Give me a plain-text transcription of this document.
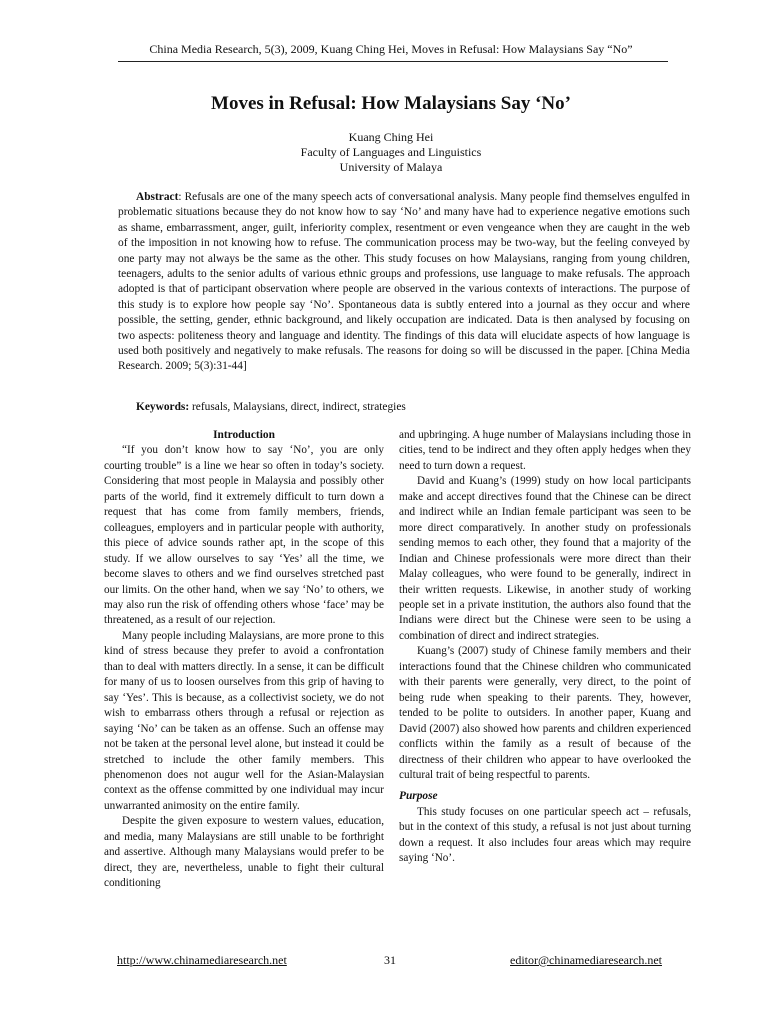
China Media Research, 5(3), 2009, Kuang Ching Hei, Moves in Refusal: How Malaysians Say “No”
Moves in Refusal: How Malaysians Say ‘No’
Kuang Ching Hei
Faculty of Languages and Linguistics
University of Malaya

Abstract: Refusals are one of the many speech acts of conversational analysis. Many people find themselves engulfed in problematic situations because they do not know how to say ‘No’ and many have had to experience negative emotions such as shame, embarrassment, anger, guilt, inferiority complex, resentment or even vengeance when they are caught in the web of the imposition in not knowing how to refuse. The communication process may be two-way, but the feeling conveyed by one party may not always be the same as the other. This study focuses on how Malaysians, ranging from young children, teenagers, adults to the senior adults of various ethnic groups and professions, use language to make refusals. The approach adopted is that of participant observation where people are observed in the various contexts of interactions. The purpose of this study is to explore how people say ‘No’. Spontaneous data is subtly entered into a journal as they occur and where possible, the setting, gender, ethnic background, and likely occupation are indicated. Data is then analysed by focusing on two aspects: politeness theory and language and identity. The findings of this data will elucidate aspects of how language is used both positively and negatively to make refusals. The reasons for doing so will be discussed in the paper. [China Media Research. 2009; 5(3):31-44]

Keywords: refusals, Malaysians, direct, indirect, strategies

Introduction

“If you don’t know how to say ‘No’, you are only courting trouble” is a line we hear so often in today’s society. Considering that most people in Malaysia and possibly other parts of the world, find it extremely difficult to turn down a request that has come from family members, friends, colleagues, employers and in particular people with authority, this piece of advice sounds rather apt, in the scope of this study. If we allow ourselves to say ‘Yes’ all the time, we become slaves to others and we find ourselves stretched past our limits. On the other hand, when we say ‘No’ to others, we may also run the risk of offending others whose ‘face’ may be threatened, as a result of our rejection.

Many people including Malaysians, are more prone to this kind of stress because they prefer to avoid a confrontation than to deal with matters directly. In a sense, it can be difficult for many of us to loosen ourselves from this grip of having to say ‘Yes’. This is because, as a collectivist society, we do not wish to embarrass others through a refusal or rejection as saying ‘No’ can be taken as an offense. Such an offense may not be taken at the personal level alone, but instead it could be stretched to include the other family members. This phenomenon does not augur well for the Asian-Malaysian context as the offense committed by one individual may incur unwarranted animosity on the entire family.

Despite the given exposure to western values, education, and media, many Malaysians are still unable to be forthright and assertive. Although many Malaysians would prefer to be direct, they are, nevertheless, unable to fight their cultural conditioning

and upbringing. A huge number of Malaysians including those in cities, tend to be indirect and they often apply hedges when they need to turn down a request.

David and Kuang’s (1999) study on how local participants make and accept directives found that the Chinese can be direct and indirect while an Indian female participant was seen to be more direct comparatively. In another study on professionals sending memos to each other, they found that a majority of the Indian and Chinese professionals were more direct than their Malay colleagues, who were found to be generally, indirect in their written requests. Likewise, in another study of working people set in a private institution, the authors also found that the Indians were direct but the Chinese were seen to be using a combination of direct and indirect strategies.

Kuang’s (2007) study of Chinese family members and their interactions found that the Chinese children who communicated with their parents were generally, very direct, to the point of being rude when speaking to their parents. They, however, tended to be polite to outsiders. In another paper, Kuang and David (2007) also showed how parents and children experienced conflicts within the family as a result of because of the directness of their children who appear to have overlooked the cultural trait of being respectful to parents.

Purpose

This study focuses on one particular speech act – refusals, but in the context of this study, a refusal is not just about turning down a request. It also includes four areas which may require saying ‘No’.

http://www.chinamediaresearch.net	31	editor@chinamediaresearch.net
